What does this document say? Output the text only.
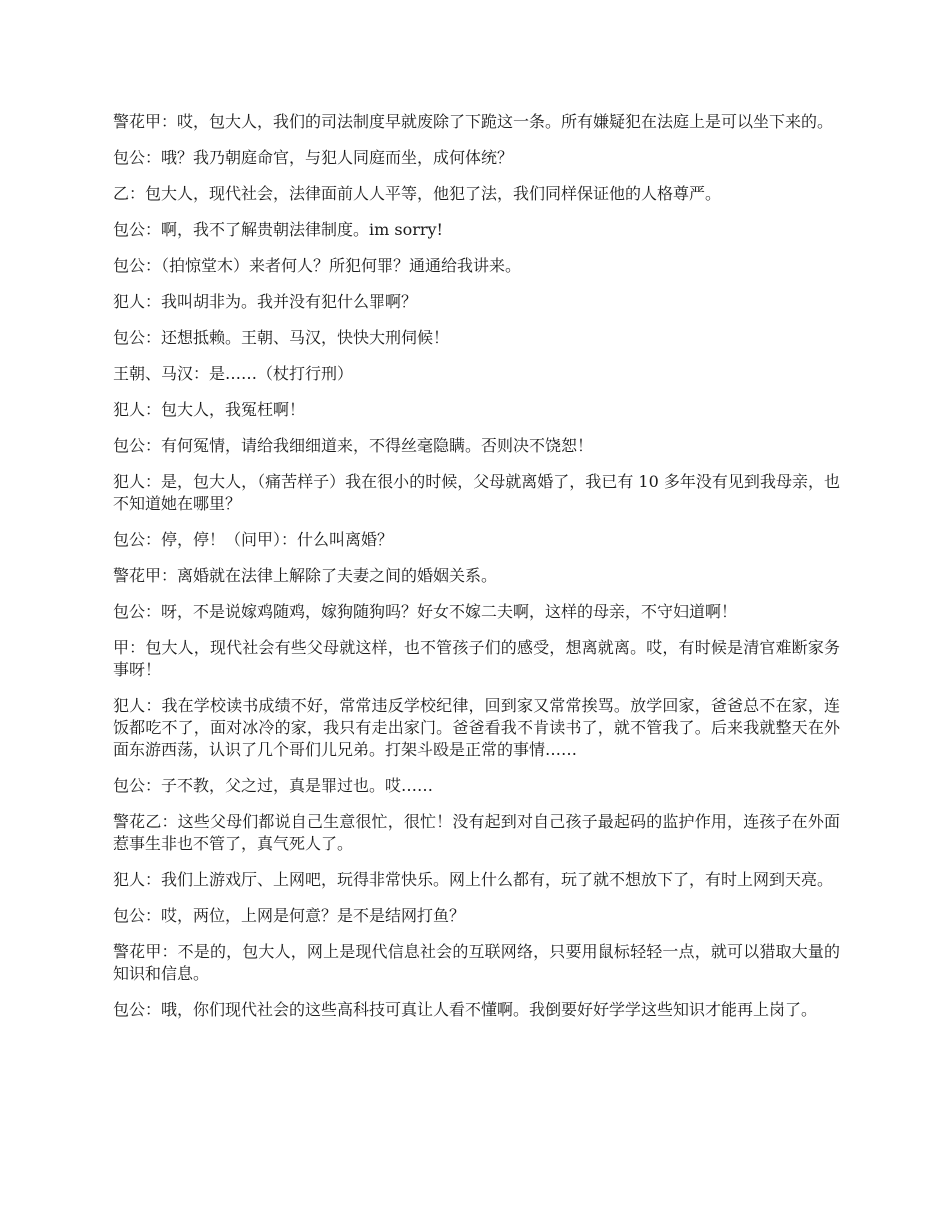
警花甲：哎，包大人，我们的司法制度早就废除了下跪这一条。所有嫌疑犯在法庭上是可以坐下来的。

包公：哦？我乃朝庭命官，与犯人同庭而坐，成何体统？

乙：包大人，现代社会，法律面前人人平等，他犯了法，我们同样保证他的人格尊严。

包公：啊，我不了解贵朝法律制度。im sorry!

包公：（拍惊堂木）来者何人？所犯何罪？通通给我讲来。

犯人：我叫胡非为。我并没有犯什么罪啊？

包公：还想抵赖。王朝、马汉，快快大刑伺候！

王朝、马汉：是……（杖打行刑）

犯人：包大人，我冤枉啊！

包公：有何冤情，请给我细细道来，不得丝毫隐瞒。否则决不饶恕！

犯人：是，包大人，（痛苦样子）我在很小的时候，父母就离婚了，我已有 10 多年没有见到我母亲，也不知道她在哪里？

包公：停，停！（问甲）：什么叫离婚？

警花甲：离婚就在法律上解除了夫妻之间的婚姻关系。

包公：呀，不是说嫁鸡随鸡，嫁狗随狗吗？好女不嫁二夫啊，这样的母亲，不守妇道啊！

甲：包大人，现代社会有些父母就这样，也不管孩子们的感受，想离就离。哎，有时候是清官难断家务事呀！

犯人：我在学校读书成绩不好，常常违反学校纪律，回到家又常常挨骂。放学回家，爸爸总不在家，连饭都吃不了，面对冰冷的家，我只有走出家门。爸爸看我不肯读书了，就不管我了。后来我就整天在外面东游西荡，认识了几个哥们儿兄弟。打架斗殴是正常的事情……

包公：子不教，父之过，真是罪过也。哎……

警花乙：这些父母们都说自己生意很忙，很忙！没有起到对自己孩子最起码的监护作用，连孩子在外面惹事生非也不管了，真气死人了。

犯人：我们上游戏厅、上网吧，玩得非常快乐。网上什么都有，玩了就不想放下了，有时上网到天亮。

包公：哎，两位，上网是何意？是不是结网打鱼？

警花甲：不是的，包大人，网上是现代信息社会的互联网络，只要用鼠标轻轻一点，就可以猎取大量的知识和信息。

包公：哦，你们现代社会的这些高科技可真让人看不懂啊。我倒要好好学学这些知识才能再上岗了。
